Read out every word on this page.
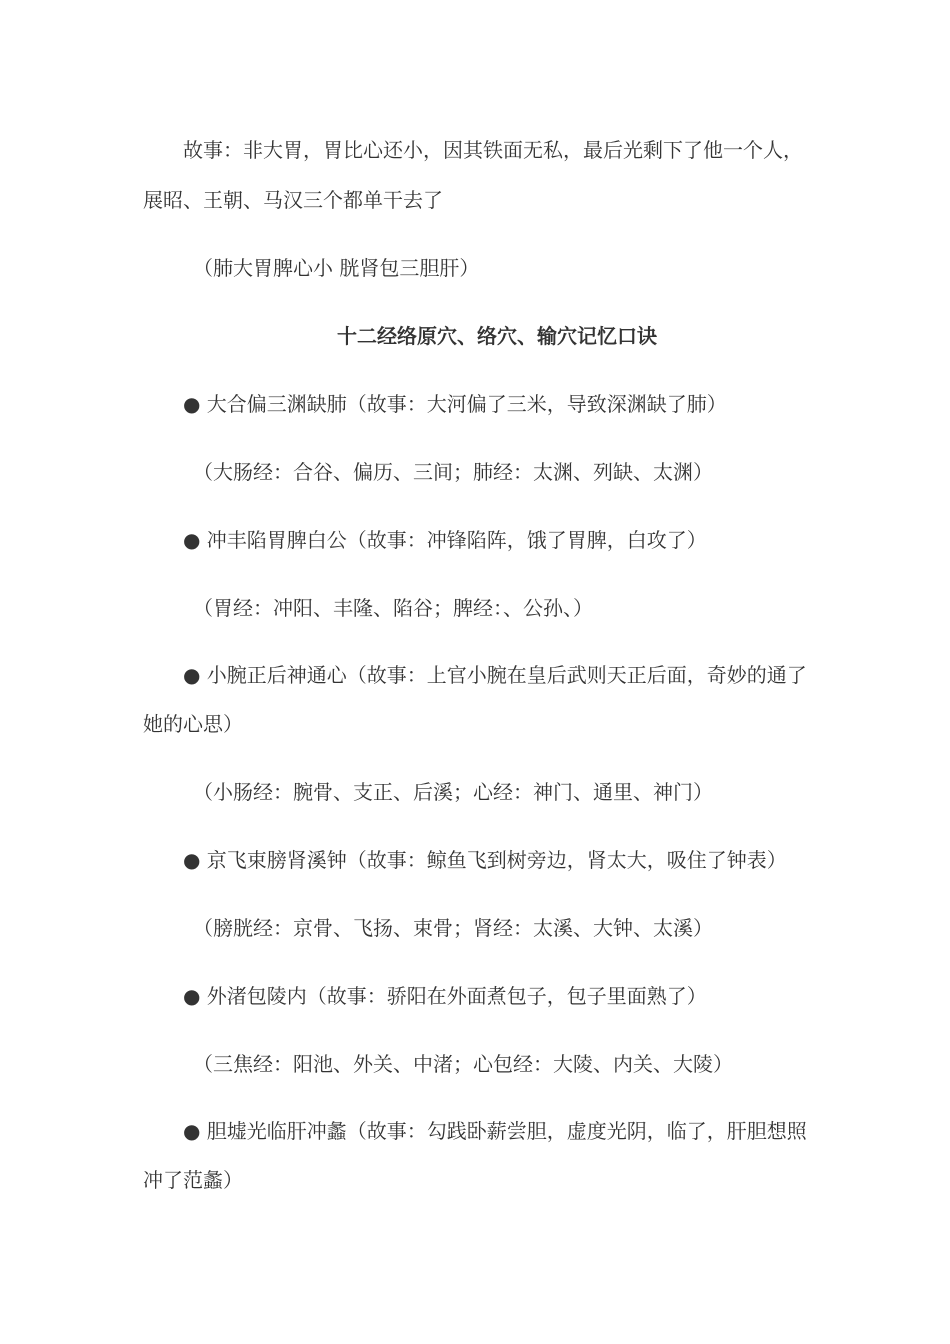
故事：非大胃，胃比心还小，因其铁面无私，最后光剩下了他一个人，
展昭、王朝、马汉三个都单干去了
（肺大胃脾心小 胱肾包三胆肝）
十二经络原穴、络穴、输穴记忆口诀
● 大合偏三渊缺肺（故事：大河偏了三米，导致深渊缺了肺）
（大肠经：合谷、偏历、三间；肺经：太渊、列缺、太渊）
● 冲丰陷胃脾白公（故事：冲锋陷阵，饿了胃脾，白攻了）
（胃经：冲阳、丰隆、陷谷；脾经：、公孙、）
● 小腕正后神通心（故事：上官小腕在皇后武则天正后面，奇妙的通了
她的心思）
（小肠经：腕骨、支正、后溪；心经：神门、通里、神门）
● 京飞束膀肾溪钟（故事：鲸鱼飞到树旁边，肾太大，吸住了钟表）
（膀胱经：京骨、飞扬、束骨；肾经：太溪、大钟、太溪）
● 外渚包陵内（故事：骄阳在外面煮包子，包子里面熟了）
（三焦经：阳池、外关、中渚；心包经：大陵、内关、大陵）
● 胆墟光临肝冲蠡（故事：勾践卧薪尝胆，虚度光阴，临了，肝胆想照
冲了范蠡）
